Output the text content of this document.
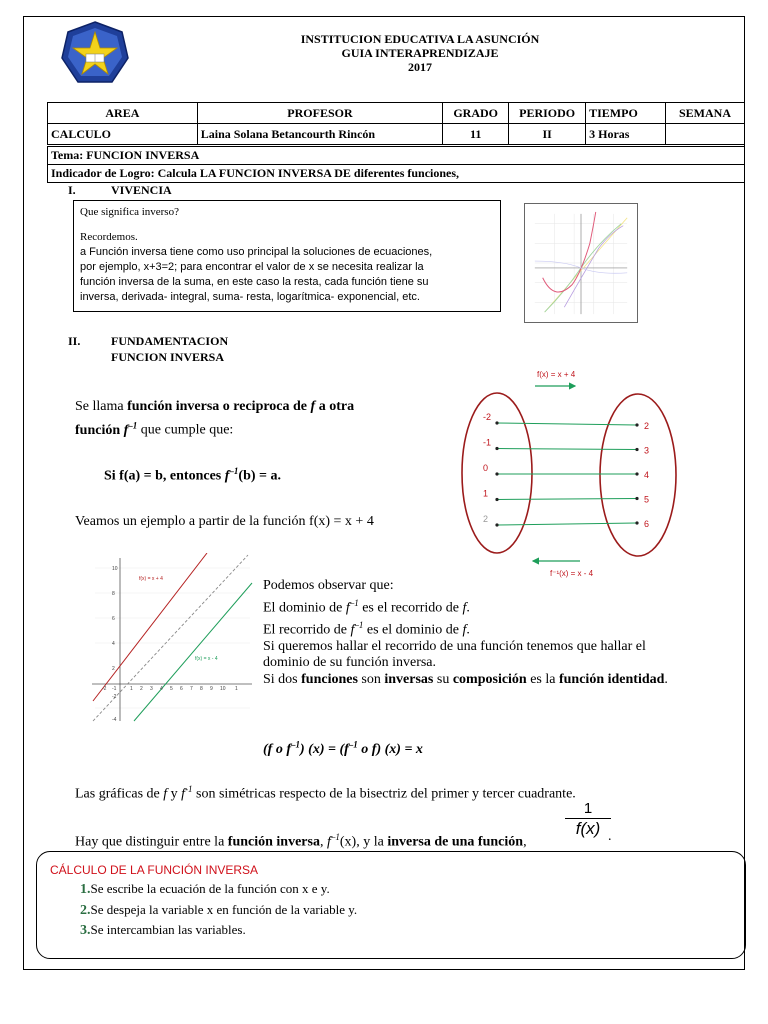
INSTITUCION EDUCATIVA LA ASUNCIÓN
GUIA INTERAPRENDIZAJE
2017
AREA	PROFESOR	GRADO	PERIODO	TIEMPO	SEMANA
CALCULO	Laina Solana Betancourth Rincón	11	II	3 Horas	
Tema: FUNCION INVERSA
Indicador de Logro: Calcula LA FUNCION INVERSA DE diferentes funciones,
I.	VIVENCIA
Que significa inverso?
Recordemos.
a Función inversa tiene como uso principal la soluciones de ecuaciones,
por ejemplo, x+3=2; para encontrar el valor de x se necesita realizar la
función inversa de la suma, en este caso la resta, cada función tiene su
inversa, derivada- integral, suma- resta, logarítmica- exponencial, etc.
II.	FUNDAMENTACION
FUNCION INVERSA
Se llama función inversa o reciproca de f a otra
función $f^{-1}$ que cumple que:
Si f(a) = b, entonces $f^{-1}(b) = a$.
Veamos un ejemplo a partir de la función f(x) = x + 4
f(x) = x + 4
f⁻¹(x) = x - 4
-2
-1
0
1
2
2
3
4
5
6
f(x) = x + 4
f(x) = x - 4
-2 -1	1 2 3 4 5 6 7 8 9 10 1
10
8
6
4
2
-2
-4
Podemos observar que:
El dominio de $f^{-1}$ es el recorrido de f.
El recorrido de $f^{-1}$ es el dominio de f.
Si queremos hallar el recorrido de una función tenemos que hallar el
dominio de su función inversa.
Si dos funciones son inversas su composición es la función identidad.
(f o $f^{-1}$) $(x) = (f^{-1}$ o f) (x) = x
Las gráficas de f y $f^{-1}$ son simétricas respecto de la bisectriz del primer y tercer cuadrante.
Hay que distinguir entre la función inversa, $f^{-1}(x)$, y la inversa de una función,
$\frac{1}{f(x)}$
.
CÁLCULO DE LA FUNCIÓN INVERSA
1.Se escribe la ecuación de la función con x e y.
2.Se despeja la variable x en función de la variable y.
3.Se intercambian las variables.
